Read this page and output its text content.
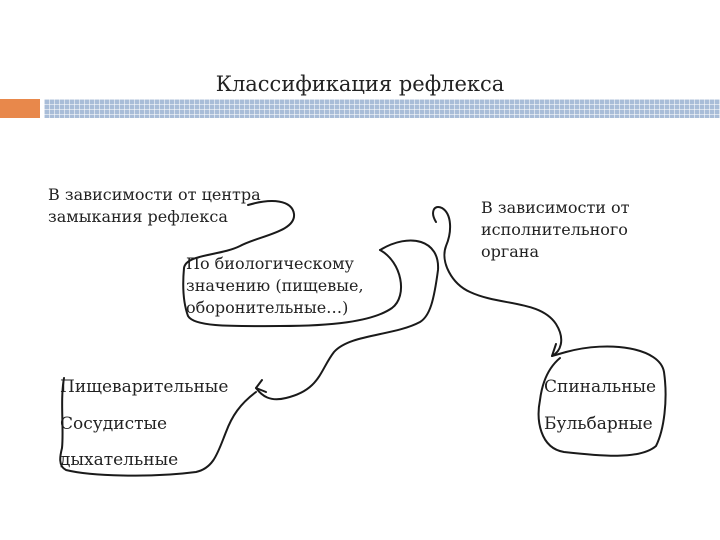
Классификация рефлекса
В зависимости от центра
замыкания рефлекса
По биологическому
значению (пищевые,
оборонительные…)
В зависимости от
исполнительного
органа
Пищеварительные
Сосудистые
дыхательные
Спинальные
Бульбарные
